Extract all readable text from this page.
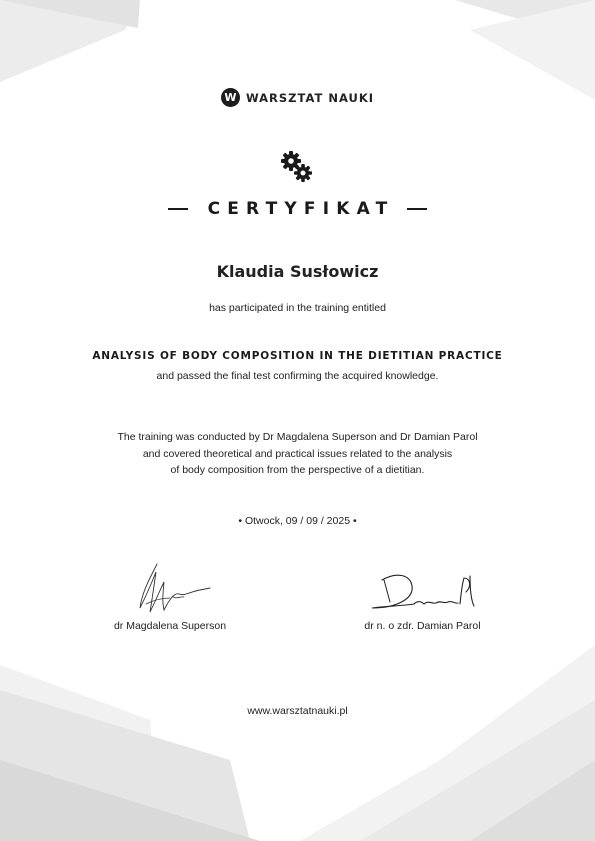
W WARSZTAT NAUKI
CERTYFIKAT
Klaudia Susłowicz
has participated in the training entitled
ANALYSIS OF BODY COMPOSITION IN THE DIETITIAN PRACTICE
and passed the final test confirming the acquired knowledge.
The training was conducted by Dr Magdalena Superson and Dr Damian Parol
and covered theoretical and practical issues related to the analysis
of body composition from the perspective of a dietitian.
• Otwock, 09 / 09 / 2025 •
dr Magdalena Superson	dr n. o zdr. Damian Parol
www.warsztatnauki.pl
